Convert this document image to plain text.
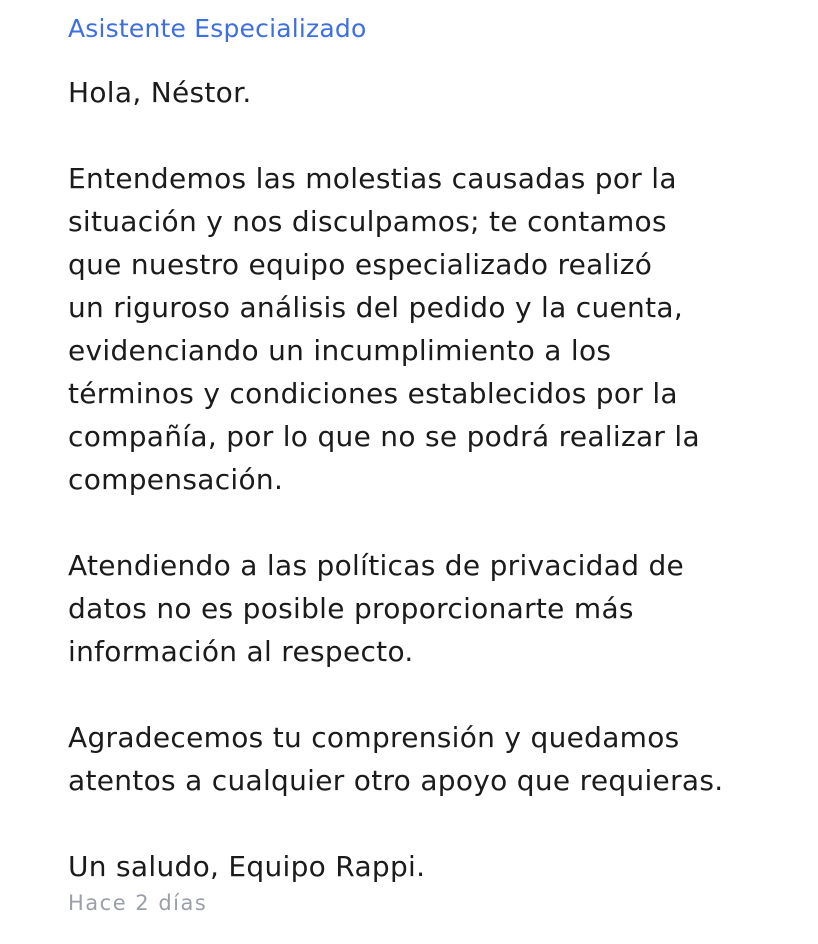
Asistente Especializado
Hola, Néstor.
Entendemos las molestias causadas por la
situación y nos disculpamos; te contamos
que nuestro equipo especializado realizó
un riguroso análisis del pedido y la cuenta,
evidenciando un incumplimiento a los
términos y condiciones establecidos por la
compañía, por lo que no se podrá realizar la
compensación.
Atendiendo a las políticas de privacidad de
datos no es posible proporcionarte más
información al respecto.
Agradecemos tu comprensión y quedamos
atentos a cualquier otro apoyo que requieras.
Un saludo, Equipo Rappi.
Hace 2 días
